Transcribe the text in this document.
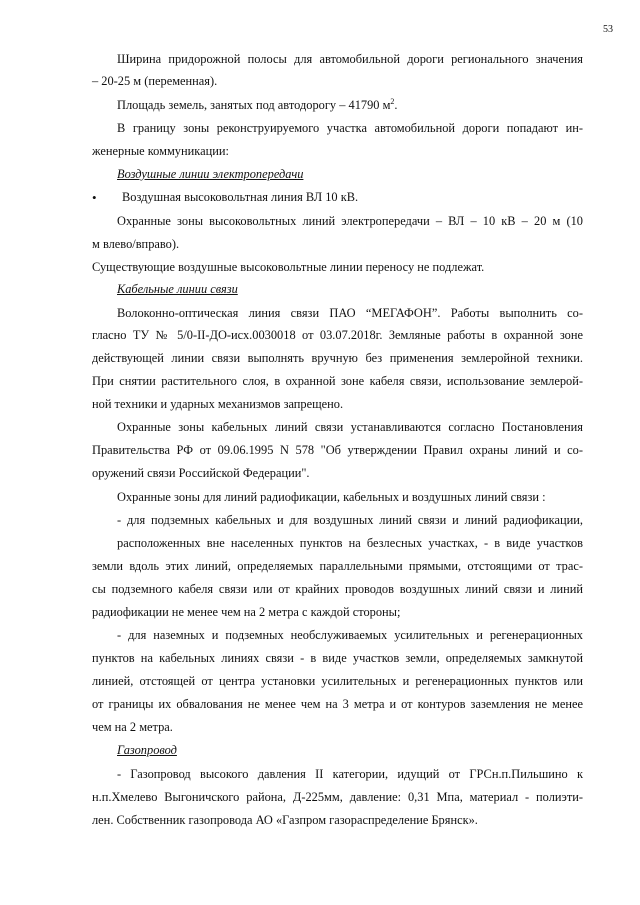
53
Ширина придорожной полосы для автомобильной дороги регионального значения
– 20-25 м (переменная).
Площадь земель, занятых под автодорогу – 41790 $м^2$.
В границу зоны реконструируемого участка автомобильной дороги попадают ин-
женерные коммуникации:
Воздушные линии электропередачи
• Воздушная высоковольтная линия ВЛ 10 кВ.
Охранные зоны высоковольтных линий электропередачи – ВЛ – 10 кВ – 20 м (10
м влево/вправо).
Существующие воздушные высоковольтные линии переносу не подлежат.
Кабельные линии связи
Волоконно-оптическая линия связи ПАО “МЕГАФОН”. Работы выполнить со-
гласно ТУ № 5/0-II-ДО-исх.0030018 от 03.07.2018г. Земляные работы в охранной зоне
действующей линии связи выполнять вручную без применения землеройной техники.
При снятии растительного слоя, в охранной зоне кабеля связи, использование землерой-
ной техники и ударных механизмов запрещено.
Охранные зоны кабельных линий связи устанавливаются согласно Постановления
Правительства РФ от 09.06.1995 N 578 "Об утверждении Правил охраны линий и со-
оружений связи Российской Федерации".
Охранные зоны для линий радиофикации, кабельных и воздушных линий связи :
- для подземных кабельных и для воздушных линий связи и линий радиофикации,
расположенных вне населенных пунктов на безлесных участках, - в виде участков
земли вдоль этих линий, определяемых параллельными прямыми, отстоящими от трас-
сы подземного кабеля связи или от крайних проводов воздушных линий связи и линий
радиофикации не менее чем на 2 метра с каждой стороны;
- для наземных и подземных необслуживаемых усилительных и регенерационных
пунктов на кабельных линиях связи - в виде участков земли, определяемых замкнутой
линией, отстоящей от центра установки усилительных и регенерационных пунктов или
от границы их обвалования не менее чем на 3 метра и от контуров заземления не менее
чем на 2 метра.
Газопровод
- Газопровод высокого давления II категории, идущий от ГРСн.п.Пильшино к
н.п.Хмелево Выгоничского района, Д-225мм, давление: 0,31 Мпа, материал - полиэти-
лен. Собственник газопровода АО «Газпром газораспределение Брянск».
